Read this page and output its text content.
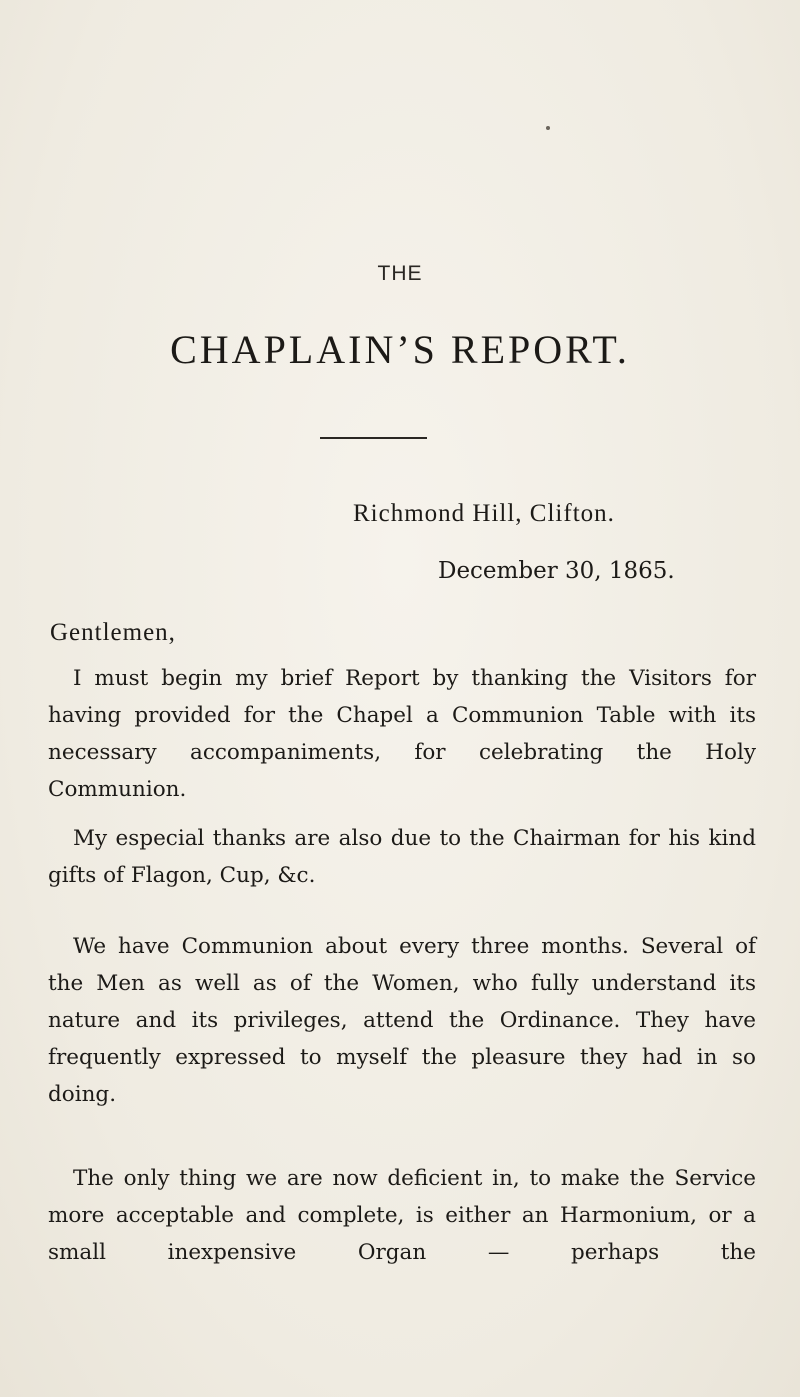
THE
CHAPLAIN’S REPORT.
Richmond Hill, Clifton.
December 30, 1865.
Gentlemen,
I must begin my brief Report by thanking the Visitors for having provided for the Chapel a Communion Table with its necessary accompaniments, for celebrating the Holy Communion.
My especial thanks are also due to the Chairman for his kind gifts of Flagon, Cup, &c.
We have Communion about every three months. Several of the Men as well as of the Women, who fully understand its nature and its privileges, attend the Ordinance. They have frequently expressed to myself the pleasure they had in so doing.
The only thing we are now deficient in, to make the Service more acceptable and complete, is either an Harmonium, or a small inexpensive Organ — perhaps the
